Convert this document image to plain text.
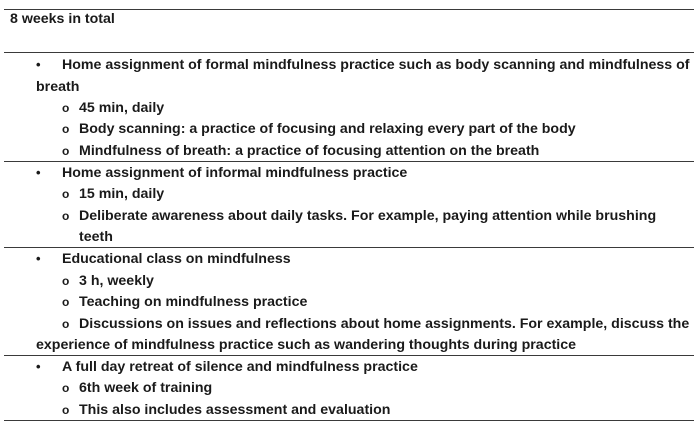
8 weeks in total
• Home assignment of formal mindfulness practice such as body scanning and mindfulness of
breath
o 45 min, daily
o Body scanning: a practice of focusing and relaxing every part of the body
o Mindfulness of breath: a practice of focusing attention on the breath
• Home assignment of informal mindfulness practice
o 15 min, daily
o Deliberate awareness about daily tasks. For example, paying attention while brushing
teeth
• Educational class on mindfulness
o 3 h, weekly
o Teaching on mindfulness practice
o Discussions on issues and reflections about home assignments. For example, discuss the
experience of mindfulness practice such as wandering thoughts during practice
• A full day retreat of silence and mindfulness practice
o 6th week of training
o This also includes assessment and evaluation
